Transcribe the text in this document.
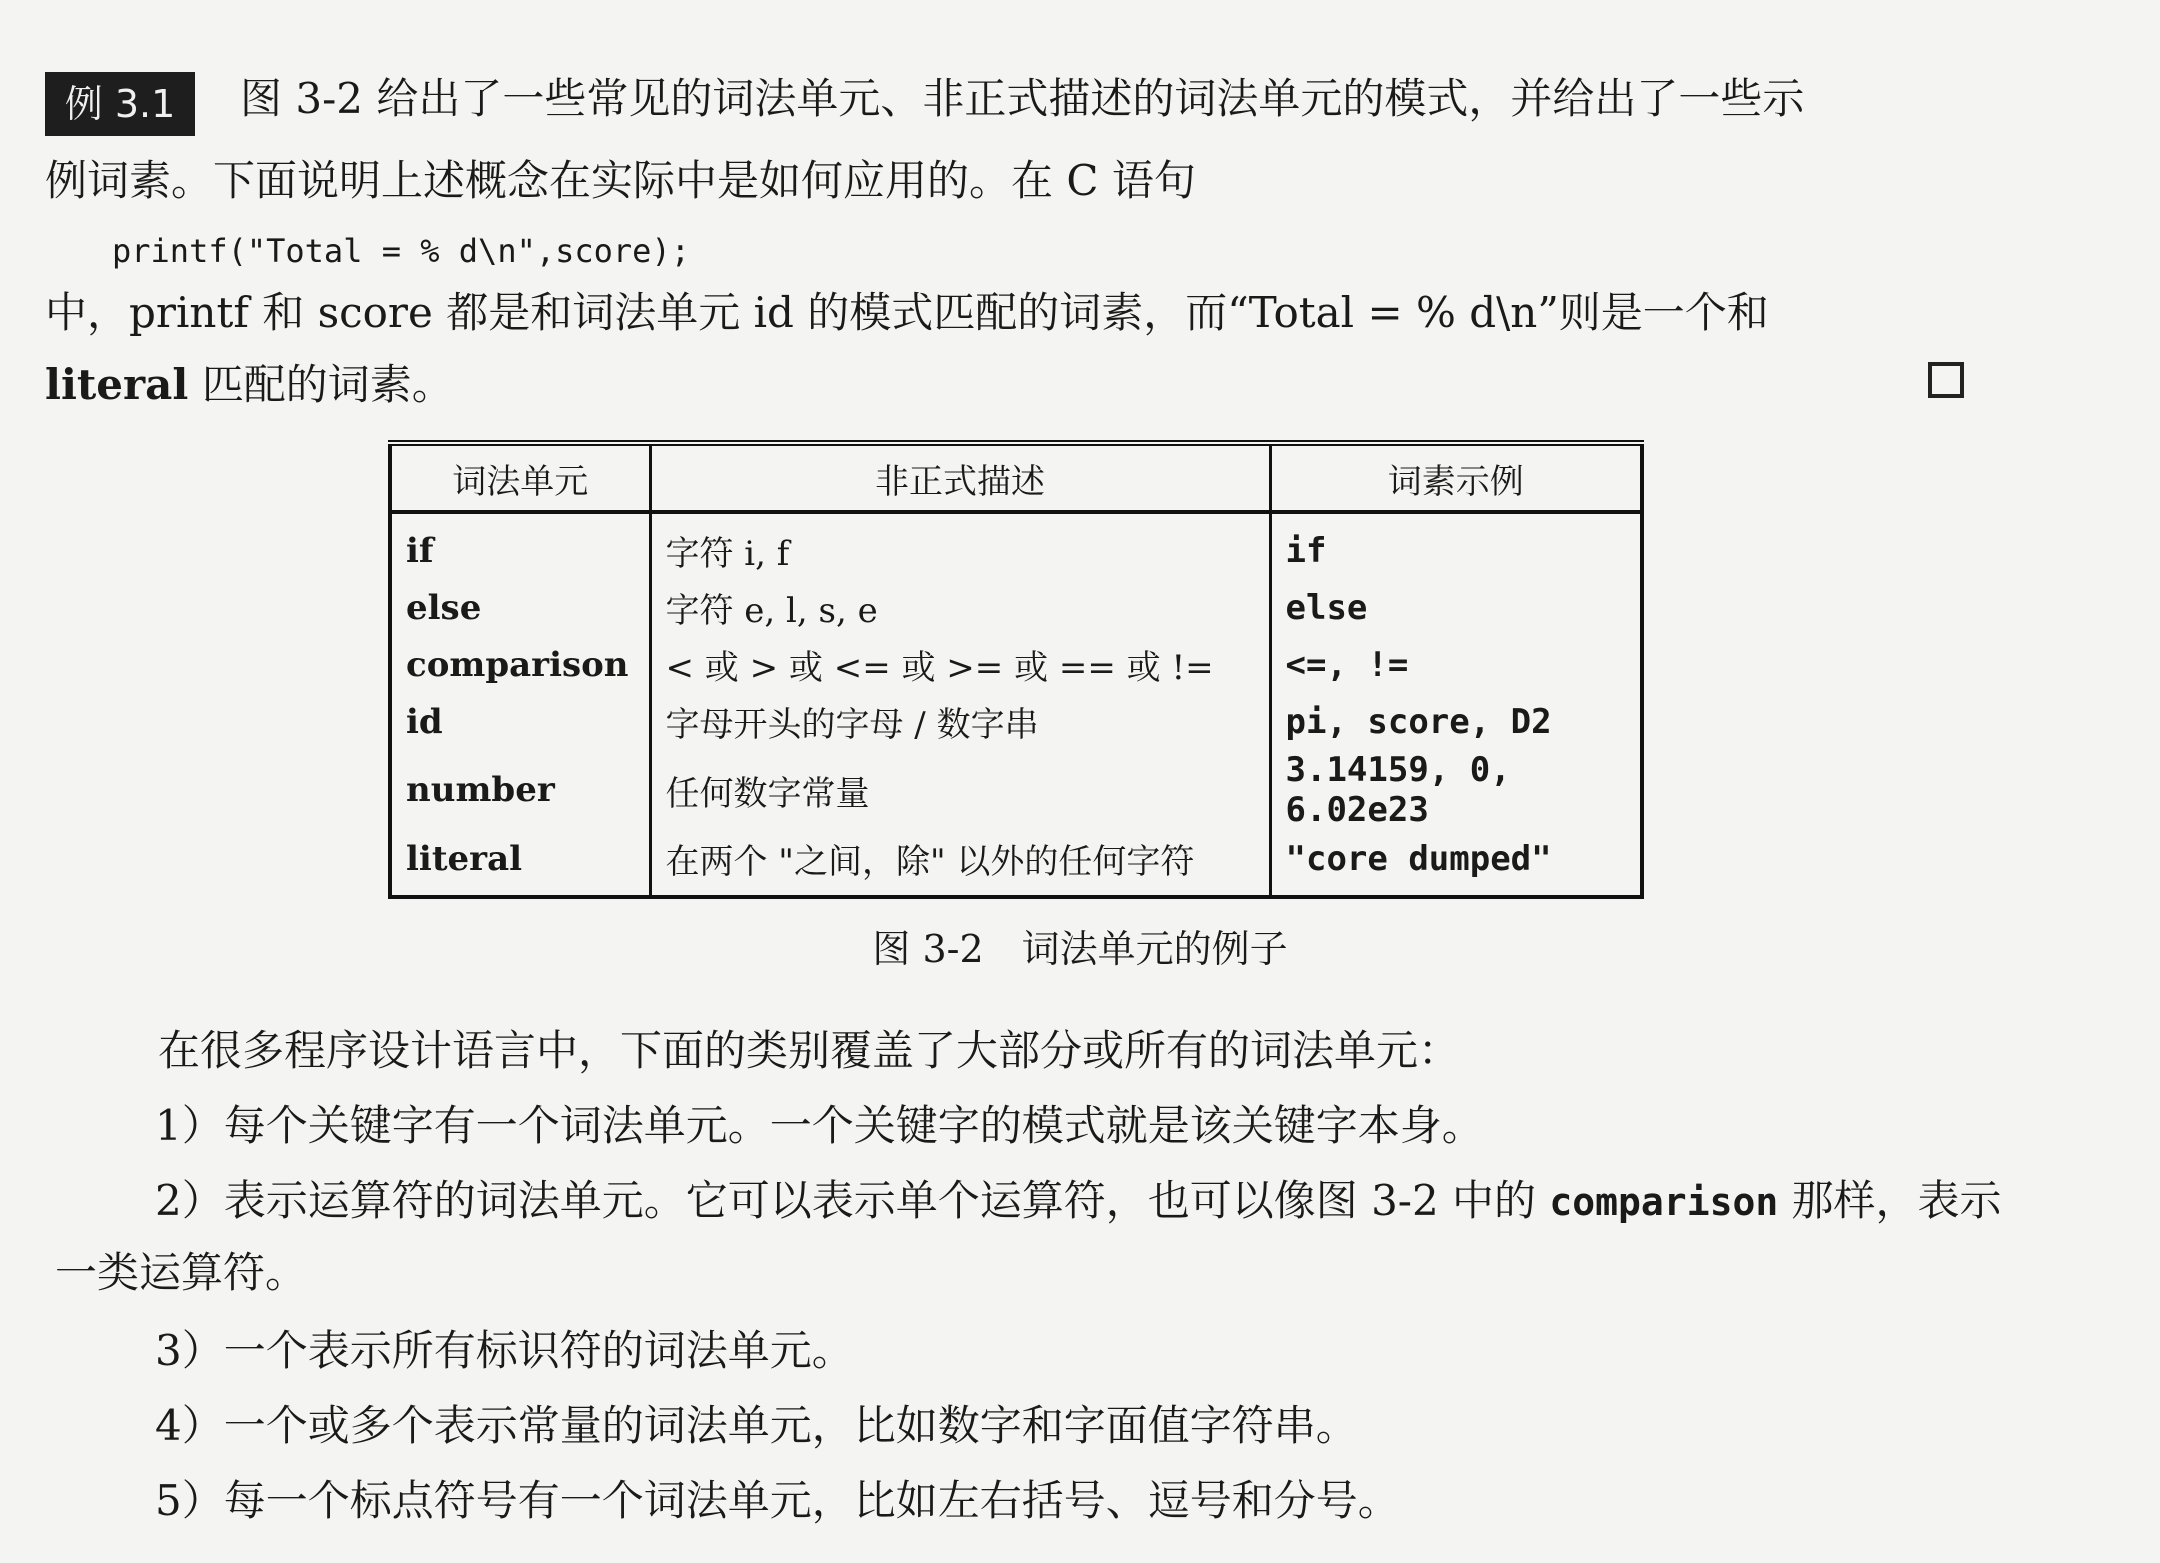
例 3.1	图 3-2 给出了一些常见的词法单元、非正式描述的词法单元的模式，并给出了一些示
例词素。下面说明上述概念在实际中是如何应用的。在 C 语句
printf("Total = % d\n",score);
中，printf 和 score 都是和词法单元 id 的模式匹配的词素，而“Total = % d\n”则是一个和
literal 匹配的词素。
词法单元	非正式描述	词素示例
if	字符 i, f	if
else	字符 e, l, s, e	else
comparison	< 或 > 或 <= 或 >= 或 == 或 !=	<=, !=
id	字母开头的字母 / 数字串	pi, score, D2
number	任何数字常量	3.14159, 0, 6.02e23
literal	在两个 "之间，除" 以外的任何字符	"core dumped"
图 3-2　词法单元的例子
在很多程序设计语言中，下面的类别覆盖了大部分或所有的词法单元：
1）每个关键字有一个词法单元。一个关键字的模式就是该关键字本身。
2）表示运算符的词法单元。它可以表示单个运算符，也可以像图 3-2 中的 comparison 那样，表示
一类运算符。
3）一个表示所有标识符的词法单元。
4）一个或多个表示常量的词法单元，比如数字和字面值字符串。
5）每一个标点符号有一个词法单元，比如左右括号、逗号和分号。
